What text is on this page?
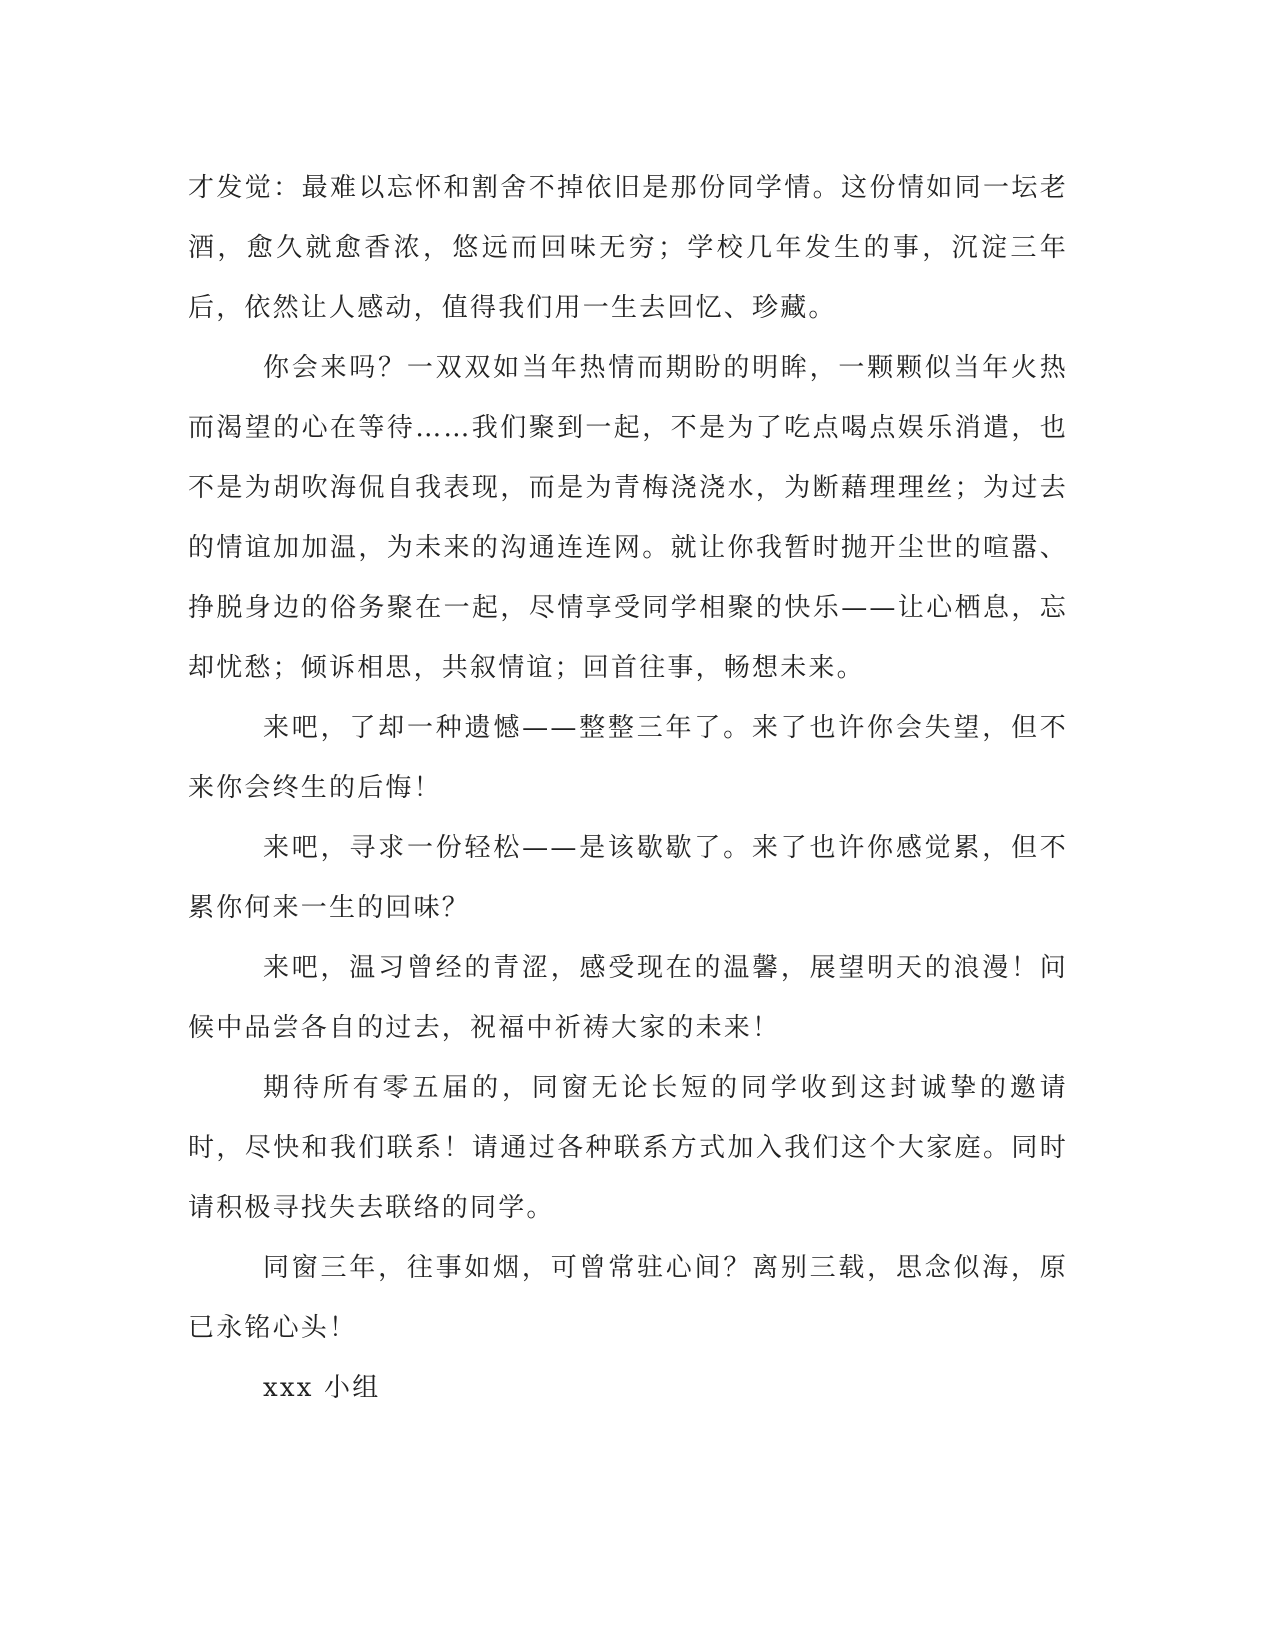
才发觉：最难以忘怀和割舍不掉依旧是那份同学情。这份情如同一坛老酒，愈久就愈香浓，悠远而回味无穷；学校几年发生的事，沉淀三年后，依然让人感动，值得我们用一生去回忆、珍藏。

你会来吗？一双双如当年热情而期盼的明眸，一颗颗似当年火热而渴望的心在等待……我们聚到一起，不是为了吃点喝点娱乐消遣，也不是为胡吹海侃自我表现，而是为青梅浇浇水，为断藉理理丝；为过去的情谊加加温，为未来的沟通连连网。就让你我暂时抛开尘世的喧嚣、挣脱身边的俗务聚在一起，尽情享受同学相聚的快乐——让心栖息，忘却忧愁；倾诉相思，共叙情谊；回首往事，畅想未来。

来吧，了却一种遗憾——整整三年了。来了也许你会失望，但不来你会终生的后悔！

来吧，寻求一份轻松——是该歇歇了。来了也许你感觉累，但不累你何来一生的回味？

来吧，温习曾经的青涩，感受现在的温馨，展望明天的浪漫！问候中品尝各自的过去，祝福中祈祷大家的未来！

期待所有零五届的，同窗无论长短的同学收到这封诚挚的邀请时，尽快和我们联系！请通过各种联系方式加入我们这个大家庭。同时请积极寻找失去联络的同学。

同窗三年，往事如烟，可曾常驻心间？离别三载，思念似海，原已永铭心头！

xxx 小组
